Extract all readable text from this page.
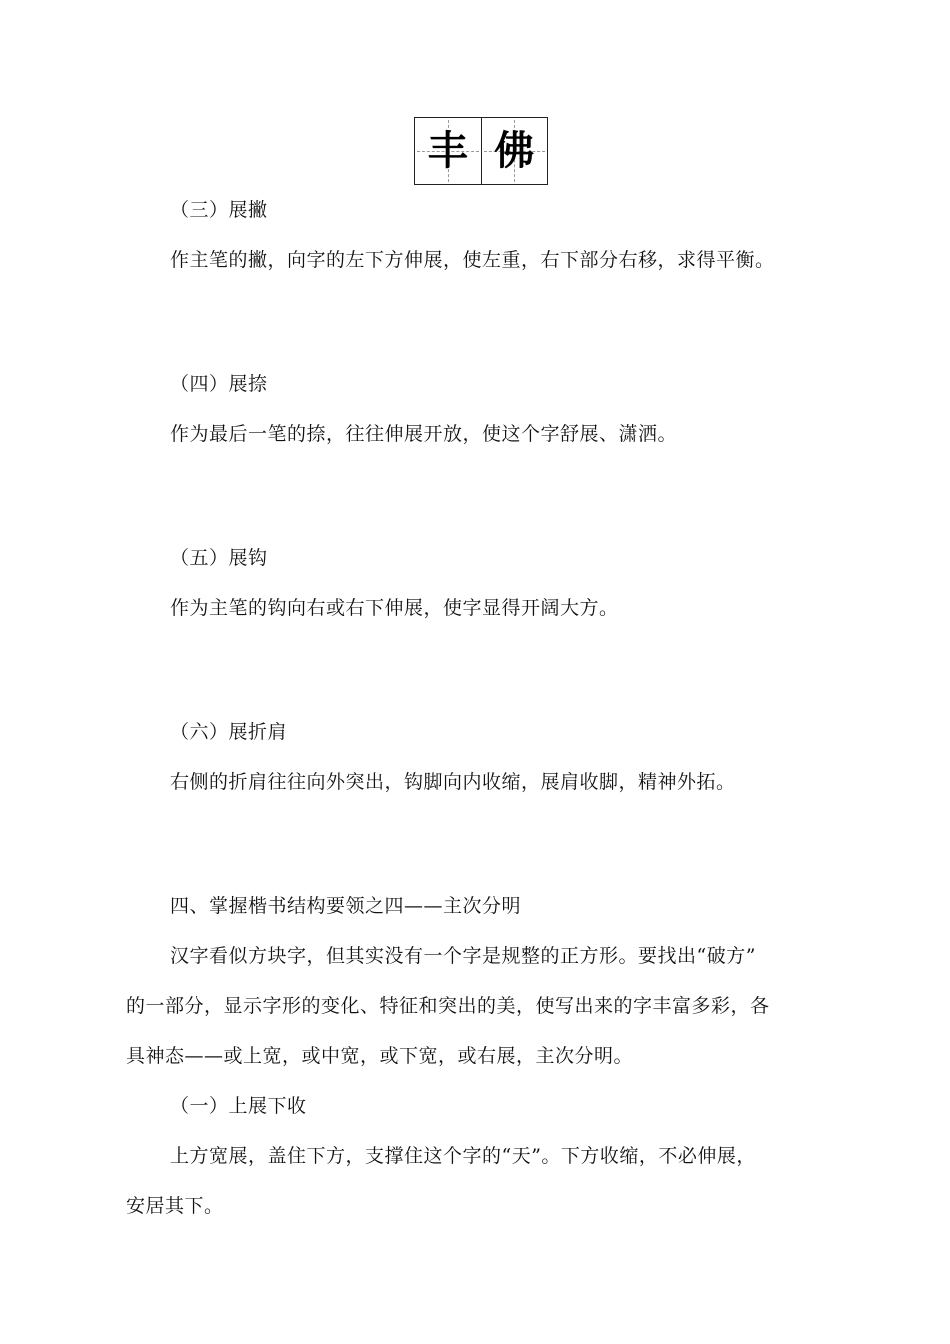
丰 佛
（三）展撇
作主笔的撇，向字的左下方伸展，使左重，右下部分右移，求得平衡。
（四）展捺
作为最后一笔的捺，往往伸展开放，使这个字舒展、潇洒。
（五）展钩
作为主笔的钩向右或右下伸展，使字显得开阔大方。
（六）展折肩
右侧的折肩往往向外突出，钩脚向内收缩，展肩收脚，精神外拓。
四、掌握楷书结构要领之四——主次分明
汉字看似方块字，但其实没有一个字是规整的正方形。要找出“破方”
的一部分，显示字形的变化、特征和突出的美，使写出来的字丰富多彩，各
具神态——或上宽，或中宽，或下宽，或右展，主次分明。
（一）上展下收
上方宽展，盖住下方，支撑住这个字的“天”。下方收缩，不必伸展，
安居其下。
